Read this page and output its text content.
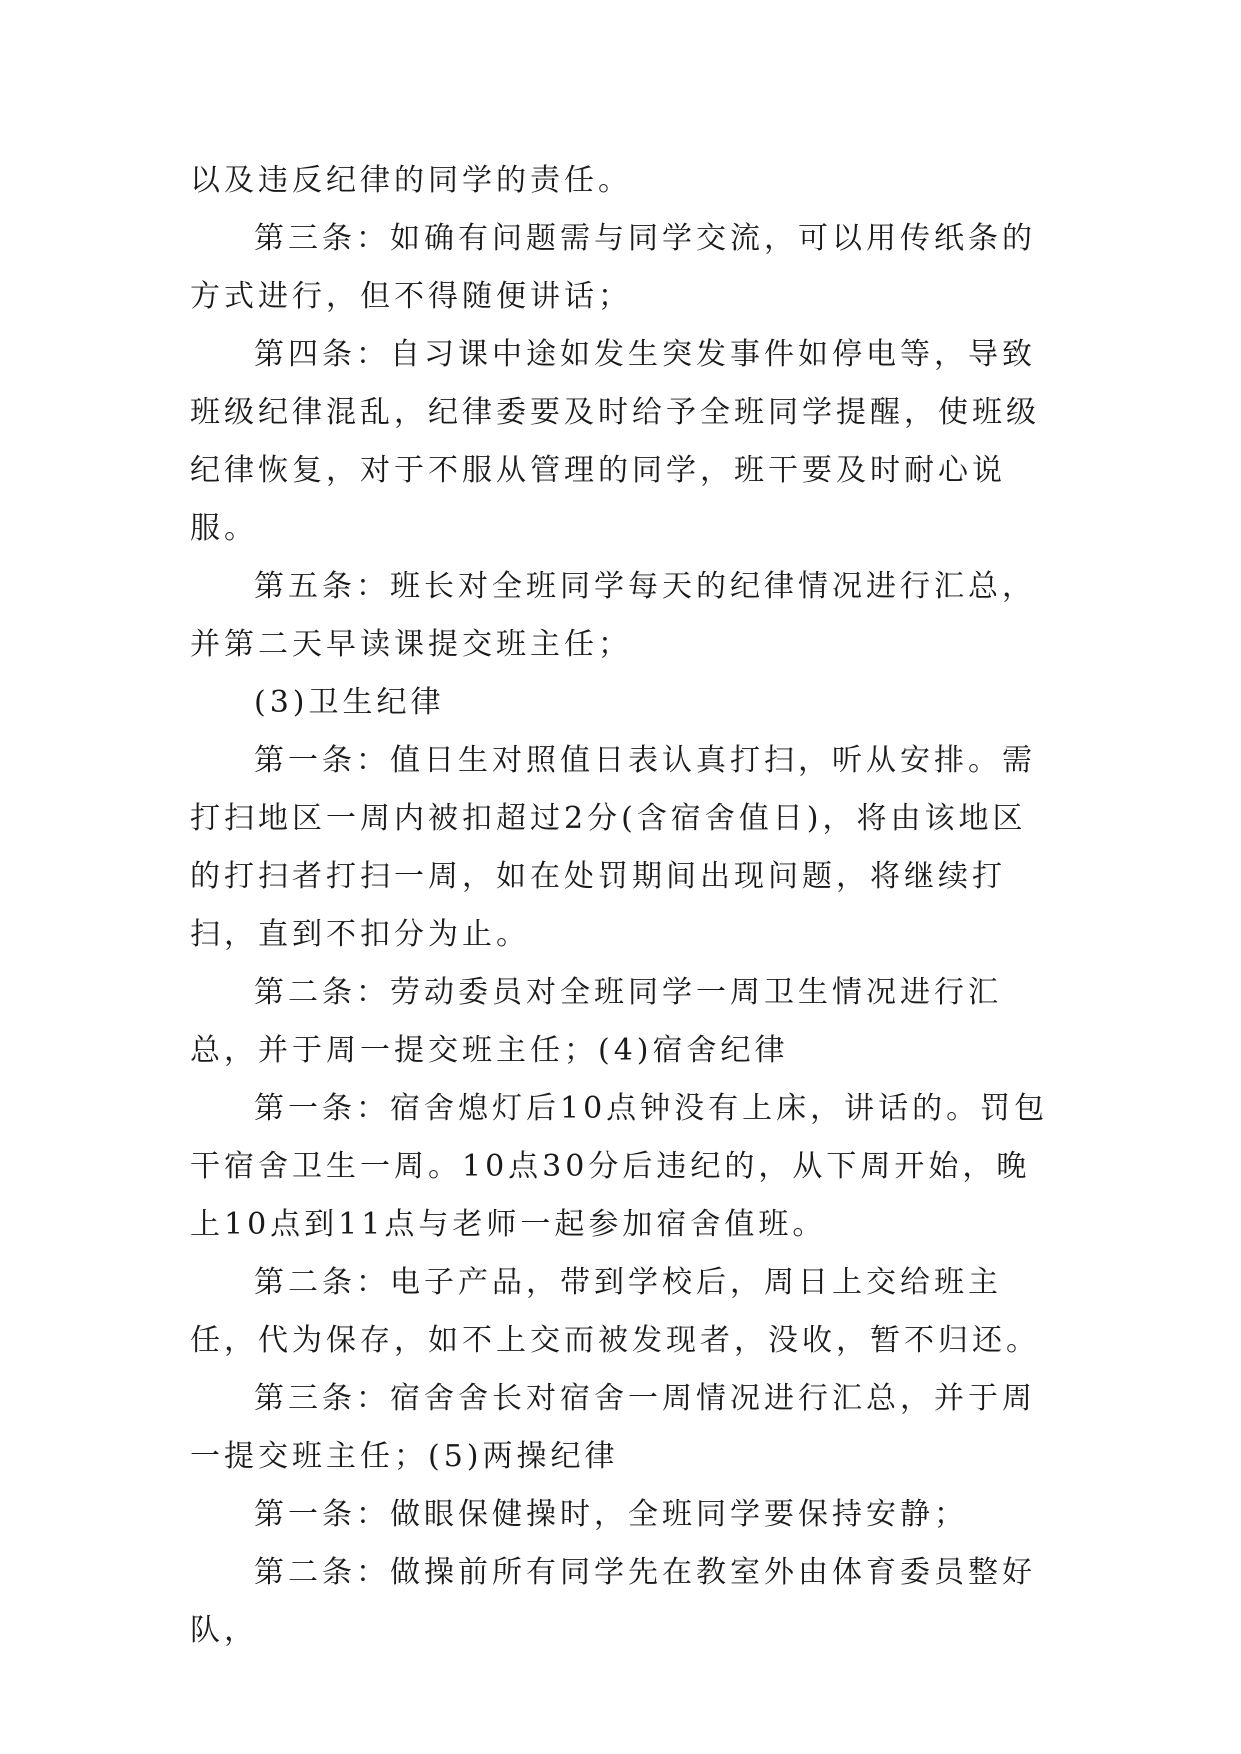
以及违反纪律的同学的责任。

第三条：如确有问题需与同学交流，可以用传纸条的方式进行，但不得随便讲话；

第四条：自习课中途如发生突发事件如停电等，导致班级纪律混乱，纪律委要及时给予全班同学提醒，使班级纪律恢复，对于不服从管理的同学，班干要及时耐心说服。

第五条：班长对全班同学每天的纪律情况进行汇总，并第二天早读课提交班主任；

(3)卫生纪律

第一条：值日生对照值日表认真打扫，听从安排。需打扫地区一周内被扣超过2分(含宿舍值日)，将由该地区的打扫者打扫一周，如在处罚期间出现问题，将继续打扫，直到不扣分为止。

第二条：劳动委员对全班同学一周卫生情况进行汇总，并于周一提交班主任；(4)宿舍纪律

第一条：宿舍熄灯后10点钟没有上床，讲话的。罚包干宿舍卫生一周。10点30分后违纪的，从下周开始，晚上10点到11点与老师一起参加宿舍值班。

第二条：电子产品，带到学校后，周日上交给班主任，代为保存，如不上交而被发现者，没收，暂不归还。

第三条：宿舍舍长对宿舍一周情况进行汇总，并于周一提交班主任；(5)两操纪律

第一条：做眼保健操时，全班同学要保持安静；

第二条：做操前所有同学先在教室外由体育委员整好队，
